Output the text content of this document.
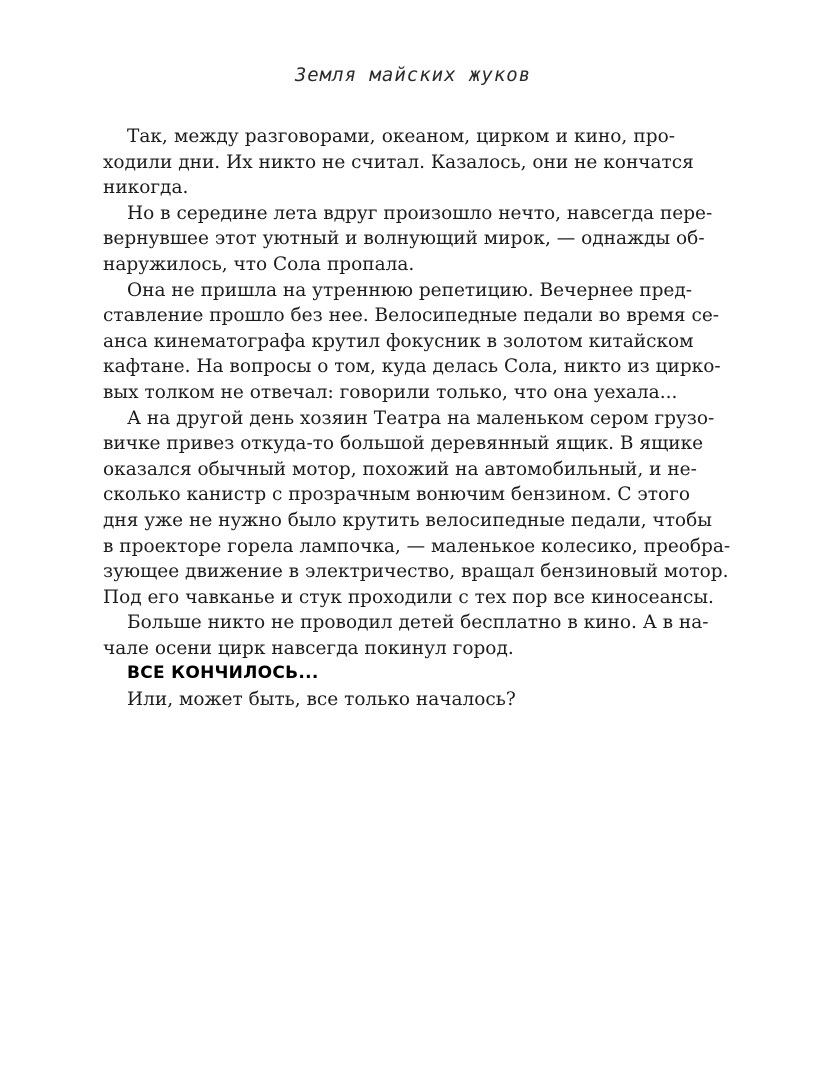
Земля майских жуков
Так, между разговорами, океаном, цирком и кино, про-
ходили дни. Их никто не считал. Казалось, они не кончатся
никогда.
Но в середине лета вдруг произошло нечто, навсегда пере-
вернувшее этот уютный и волнующий мирок, — однажды об-
наружилось, что Сола пропала.
Она не пришла на утреннюю репетицию. Вечернее пред-
ставление прошло без нее. Велосипедные педали во время се-
анса кинематографа крутил фокусник в золотом китайском
кафтане. На вопросы о том, куда делась Сола, никто из цирко-
вых толком не отвечал: говорили только, что она уехала...
А на другой день хозяин Театра на маленьком сером грузо-
вичке привез откуда-то большой деревянный ящик. В ящике
оказался обычный мотор, похожий на автомобильный, и не-
сколько канистр с прозрачным вонючим бензином. С этого
дня уже не нужно было крутить велосипедные педали, чтобы
в проекторе горела лампочка, — маленькое колесико, преобра-
зующее движение в электричество, вращал бензиновый мотор.
Под его чавканье и стук проходили с тех пор все киносеансы.
Больше никто не проводил детей бесплатно в кино. А в на-
чале осени цирк навсегда покинул город.
ВСЕ КОНЧИЛОСЬ...
Или, может быть, все только началось?
